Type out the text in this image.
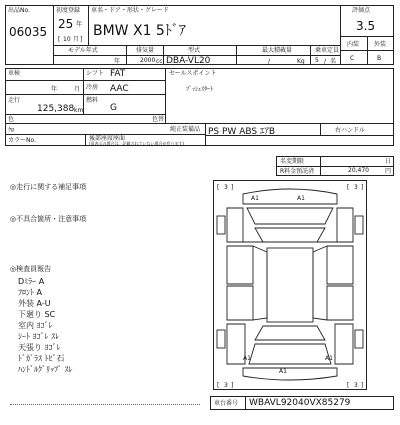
出品No.
06035
初度登録
25 年
[ 10 月 ]
車名・ドア・形状・グレード
BMW X1 5ﾄﾞｱ
評価点
3.5
内装 外装
C	B
モデル年式	排気量	型式	最大積載量	乗車定員
年	2000 cc DBA-VL20	/	Kg 5 / 名
車検
年	月
シフト FAT
冷房 AAC
走行
125,388 km
燃料
G
色
ｸﾛ
色替
カラーNo.	後部座席座面
(旧表示の場合は、記載されていない場合が有ります)
セールスポイント
ﾌﾟｯｼｭｽﾀｰﾄ
純正装備品 PS PW ABS ｴｱB	右ハンドル
名変期限	日
R料金預託済	20,470	円
◎走行に関する補足事項
◎不具合箇所・注意事項
◎検査員報告
Dﾐﾗｰ A
ﾌﾛﾝﾄ A
外装 A-U
下廻り SC
室内 ﾖｺﾞﾚ
ｼｰﾄ ﾖｺﾞﾚ ｽﾚ
天張り ﾖｺﾞﾚ
ﾄﾞｶﾞﾗｽ ﾄﾋﾞ石
ﾊﾝﾄﾞﾙｸﾞﾘｯﾌﾟ ｽﾚ
[ 3 ]	[ 3 ]
[ 3 ]	[ 3 ]
A1	A1
A1
A1
A1
車台番号 WBAVL92040VX85279
